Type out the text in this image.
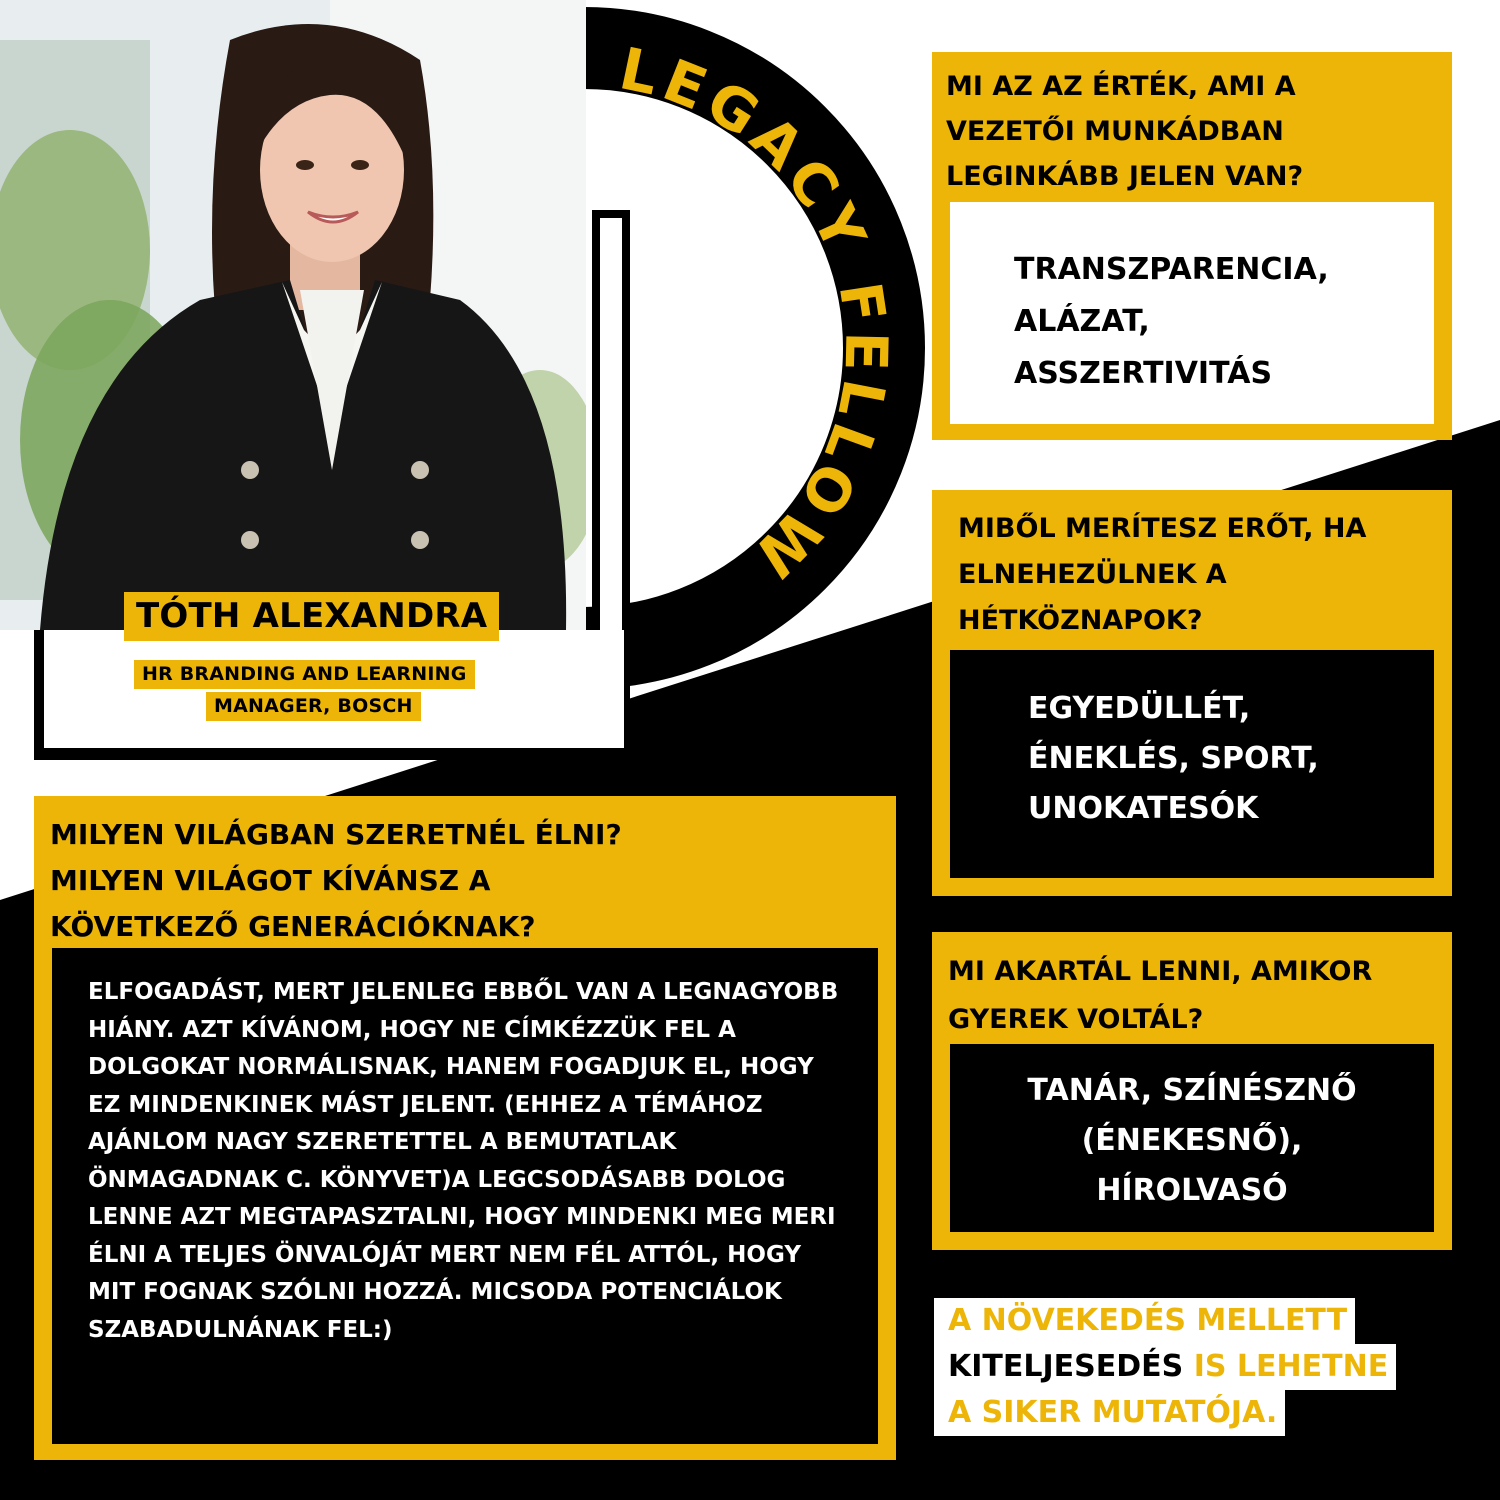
LEGACY FELLOW
TÓTH ALEXANDRA
HR BRANDING AND LEARNING
MANAGER, BOSCH
MI AZ AZ ÉRTÉK, AMI A VEZETŐI MUNKÁDBAN LEGINKÁBB JELEN VAN?
TRANSZPARENCIA,
ALÁZAT,
ASSZERTIVITÁS
MIBŐL MERÍTESZ ERŐT, HA ELNEHEZÜLNEK A HÉTKÖZNAPOK?
EGYEDÜLLÉT,
ÉNEKLÉS, SPORT,
UNOKATESÓK
MI AKARTÁL LENNI, AMIKOR GYEREK VOLTÁL?
TANÁR, SZÍNÉSZNŐ
(ÉNEKESNŐ),
HÍROLVASÓ
MILYEN VILÁGBAN SZERETNÉL ÉLNI? MILYEN VILÁGOT KÍVÁNSZ A KÖVETKEZŐ GENERÁCIÓKNAK?
ELFOGADÁST, MERT JELENLEG EBBŐL VAN A LEGNAGYOBB HIÁNY. AZT KÍVÁNOM, HOGY NE CÍMKÉZZÜK FEL A DOLGOKAT NORMÁLISNAK, HANEM FOGADJUK EL, HOGY EZ MINDENKINEK MÁST JELENT. (EHHEZ A TÉMÁHOZ AJÁNLOM NAGY SZERETETTEL A BEMUTATLAK ÖNMAGADNAK C. KÖNYVET)A LEGCSODÁSABB DOLOG LENNE AZT MEGTAPASZTALNI, HOGY MINDENKI MEG MERI ÉLNI A TELJES ÖNVALÓJÁT MERT NEM FÉL ATTÓL, HOGY MIT FOGNAK SZÓLNI HOZZÁ. MICSODA POTENCIÁLOK SZABADULNÁNAK FEL:)	A NÖVEKEDÉS MELLETT
KITELJESEDÉS IS LEHETNE
A SIKER MUTATÓJA.
